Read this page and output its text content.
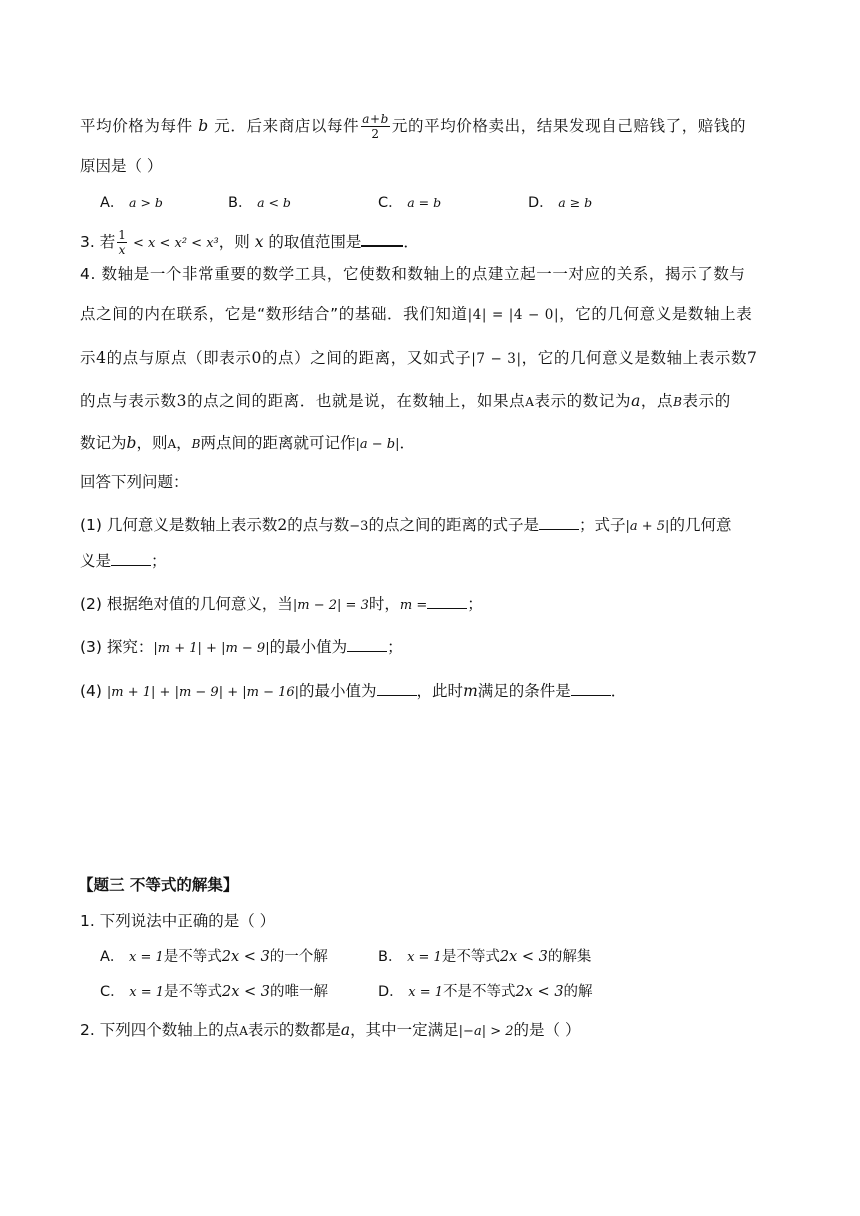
平均价格为每件 b 元．后来商店以每件 $\frac{a+b}{2}$ 元的平均价格卖出，结果发现自己赔钱了，赔钱的
原因是（ ）
A． a > b	B． a < b	C． a = b	D． a ≥ b
3. 若 $\frac{1}{x} < x < x^2 < x^3$，则 x 的取值范围是	．
4. 数轴是一个非常重要的数学工具，它使数和数轴上的点建立起一一对应的关系，揭示了数与
点之间的内在联系，它是“数形结合”的基础．我们知道|4| = |4 − 0|，它的几何意义是数轴上表
示4的点与原点（即表示0的点）之间的距离，又如式子|7 − 3|，它的几何意义是数轴上表示数7
的点与表示数3的点之间的距离．也就是说，在数轴上，如果点A表示的数记为a，点B表示的
数记为b，则A，B两点间的距离就可记作|a − b|．
回答下列问题：
(1) 几何意义是数轴上表示数2的点与数−3的点之间的距离的式子是	；式子|a + 5|的几何意
义是	；
(2) 根据绝对值的几何意义，当|m − 2| = 3时，m =	；
(3) 探究：|m + 1| + |m − 9|的最小值为	；
(4) |m + 1| + |m − 9| + |m − 16|的最小值为	，此时m满足的条件是	．
【题三 不等式的解集】
1. 下列说法中正确的是（ ）
A． x = 1是不等式2x < 3的一个解	B． x = 1是不等式2x < 3的解集
C． x = 1是不等式2x < 3的唯一解	D． x = 1不是不等式2x < 3的解
2. 下列四个数轴上的点A表示的数都是a，其中一定满足|−a| > 2的是（ ）
